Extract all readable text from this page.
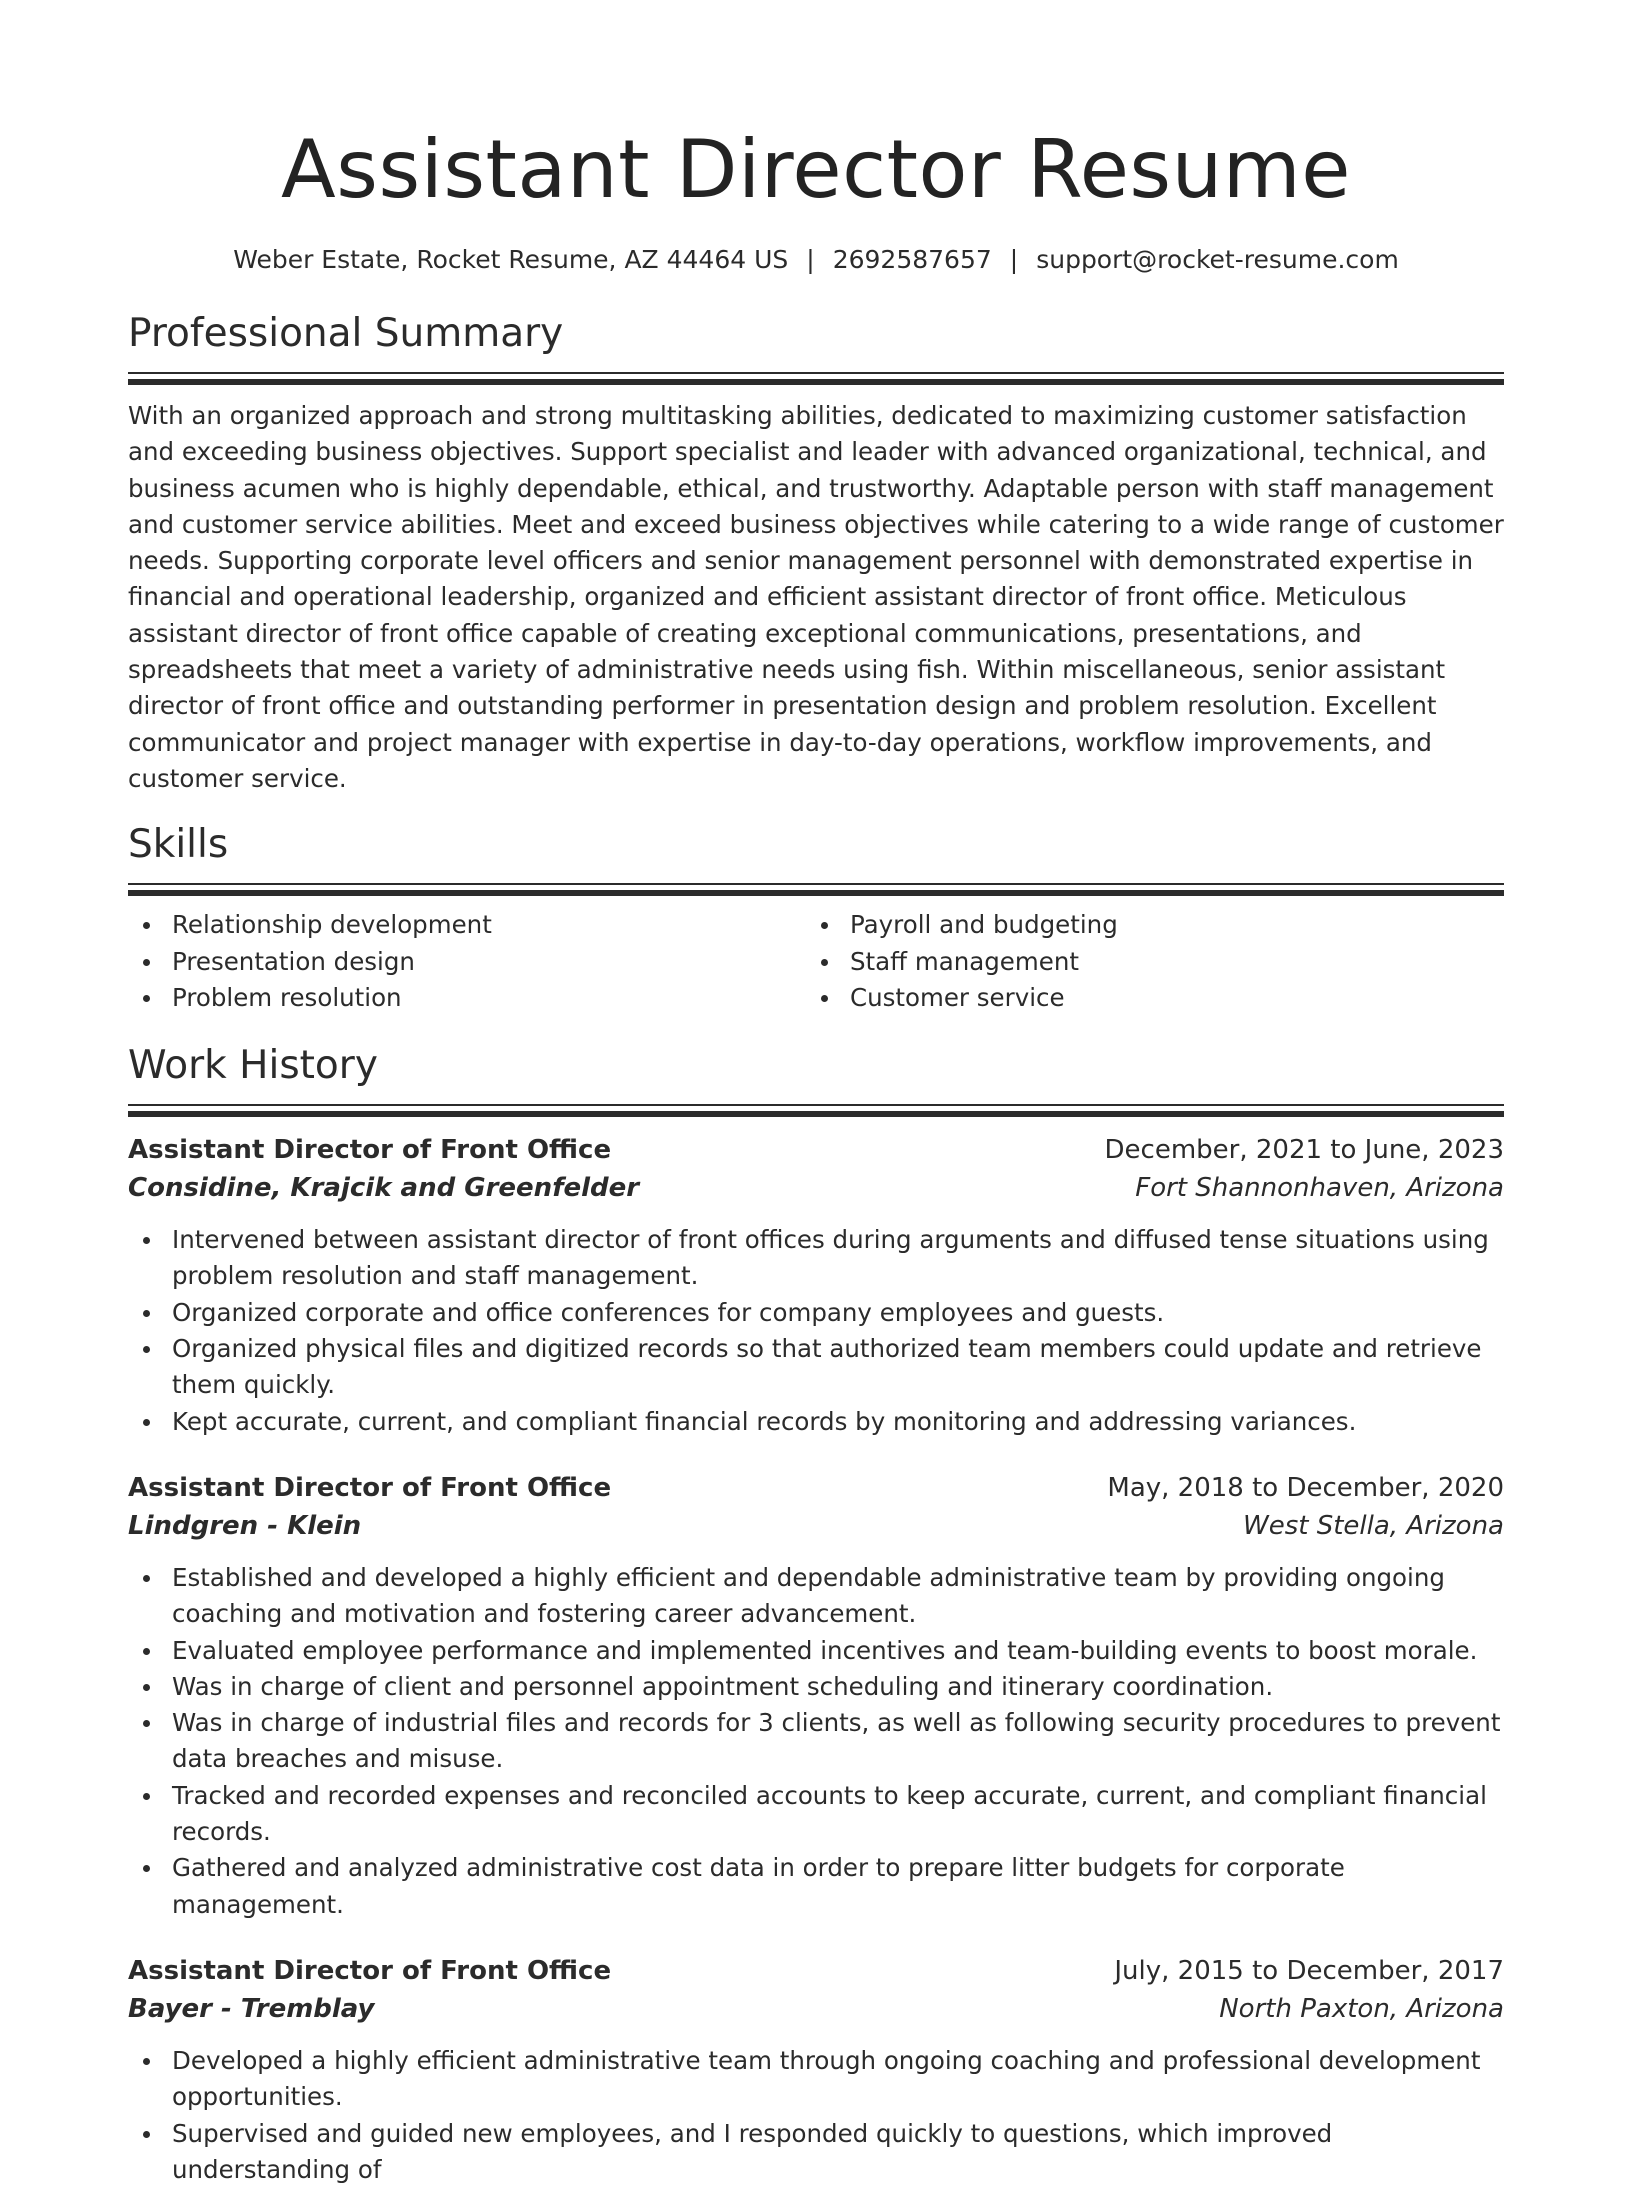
Assistant Director Resume
Weber Estate, Rocket Resume, AZ 44464 US | 2692587657 | support@rocket-resume.com
Professional Summary

With an organized approach and strong multitasking abilities, dedicated to maximizing customer satisfaction and exceeding business objectives. Support specialist and leader with advanced organizational, technical, and business acumen who is highly dependable, ethical, and trustworthy. Adaptable person with staff management and customer service abilities. Meet and exceed business objectives while catering to a wide range of customer needs. Supporting corporate level officers and senior management personnel with demonstrated expertise in financial and operational leadership, organized and efficient assistant director of front office. Meticulous assistant director of front office capable of creating exceptional communications, presentations, and spreadsheets that meet a variety of administrative needs using fish. Within miscellaneous, senior assistant director of front office and outstanding performer in presentation design and problem resolution. Excellent communicator and project manager with expertise in day-to-day operations, workflow improvements, and customer service.

Skills
Relationship development
Presentation design
Problem resolution
Payroll and budgeting
Staff management
Customer service
Work History
Assistant Director of Front Office	December, 2021 to June, 2023
Considine, Krajcik and Greenfelder	Fort Shannonhaven, Arizona
Intervened between assistant director of front offices during arguments and diffused tense situations using problem resolution and staff management.
Organized corporate and office conferences for company employees and guests.
Organized physical files and digitized records so that authorized team members could update and retrieve them quickly.
Kept accurate, current, and compliant financial records by monitoring and addressing variances.
Assistant Director of Front Office	May, 2018 to December, 2020
Lindgren - Klein	West Stella, Arizona
Established and developed a highly efficient and dependable administrative team by providing ongoing coaching and motivation and fostering career advancement.
Evaluated employee performance and implemented incentives and team-building events to boost morale.
Was in charge of client and personnel appointment scheduling and itinerary coordination.
Was in charge of industrial files and records for 3 clients, as well as following security procedures to prevent data breaches and misuse.
Tracked and recorded expenses and reconciled accounts to keep accurate, current, and compliant financial records.
Gathered and analyzed administrative cost data in order to prepare litter budgets for corporate management.
Assistant Director of Front Office	July, 2015 to December, 2017
Bayer - Tremblay	North Paxton, Arizona
Developed a highly efficient administrative team through ongoing coaching and professional development opportunities.
Supervised and guided new employees, and I responded quickly to questions, which improved understanding of
